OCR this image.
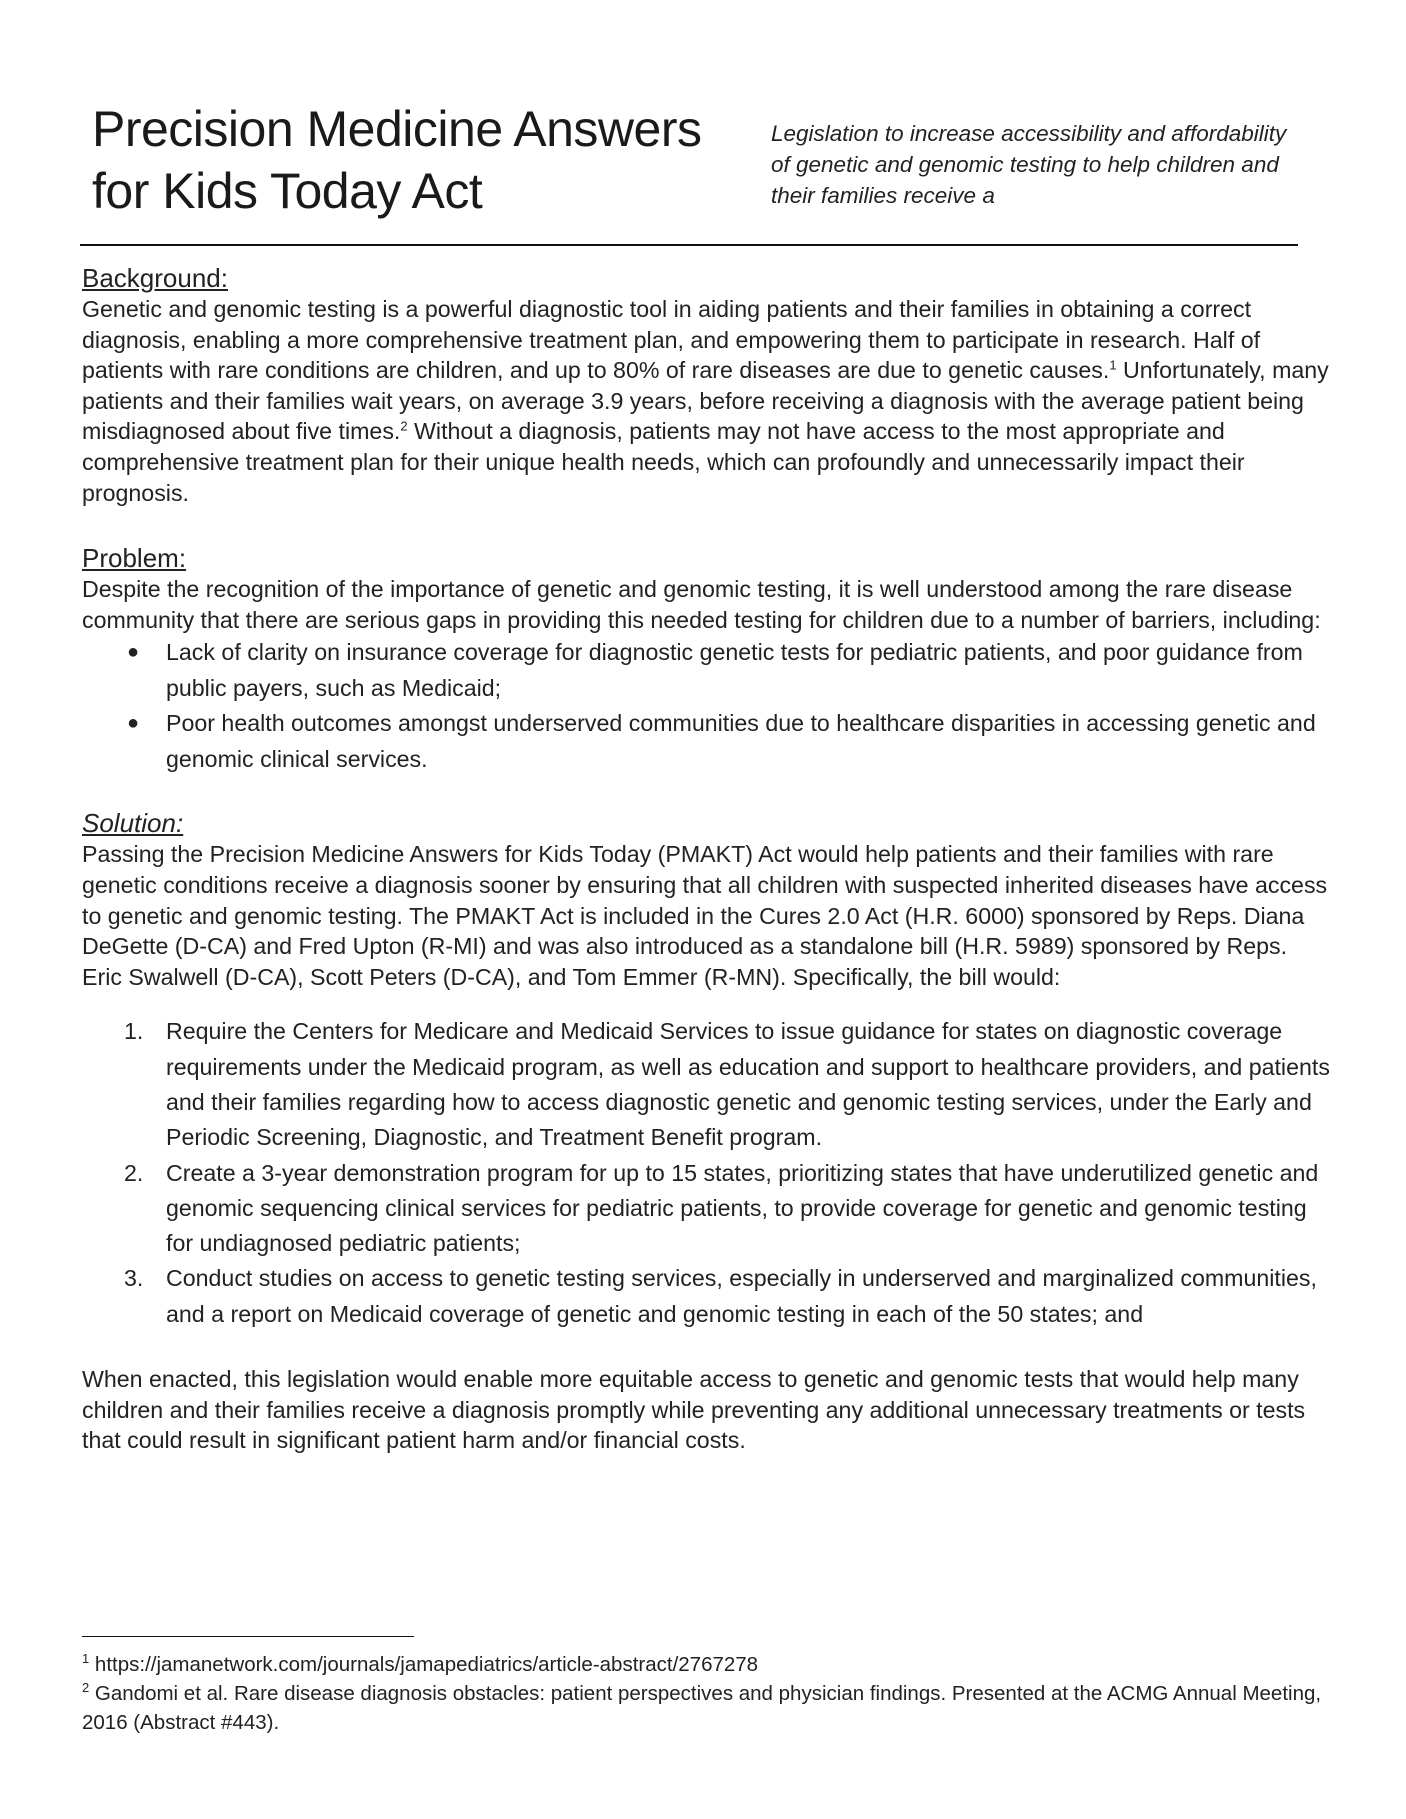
Precision Medicine Answers
for Kids Today Act

Legislation to increase accessibility and affordability of genetic and genomic testing to help children and their families receive a

Background:

Genetic and genomic testing is a powerful diagnostic tool in aiding patients and their families in obtaining a correct diagnosis, enabling a more comprehensive treatment plan, and empowering them to participate in research. Half of patients with rare conditions are children, and up to 80% of rare diseases are due to genetic causes.$^1$ Unfortunately, many patients and their families wait years, on average 3.9 years, before receiving a diagnosis with the average patient being misdiagnosed about five times.$^2$ Without a diagnosis, patients may not have access to the most appropriate and comprehensive treatment plan for their unique health needs, which can profoundly and unnecessarily impact their prognosis.

Problem:

Despite the recognition of the importance of genetic and genomic testing, it is well understood among the rare disease community that there are serious gaps in providing this needed testing for children due to a number of barriers, including:

● Lack of clarity on insurance coverage for diagnostic genetic tests for pediatric patients, and poor guidance from public payers, such as Medicaid;
● Poor health outcomes amongst underserved communities due to healthcare disparities in accessing genetic and genomic clinical services.
Solution:

Passing the Precision Medicine Answers for Kids Today (PMAKT) Act would help patients and their families with rare genetic conditions receive a diagnosis sooner by ensuring that all children with suspected inherited diseases have access to genetic and genomic testing. The PMAKT Act is included in the Cures 2.0 Act (H.R. 6000) sponsored by Reps. Diana DeGette (D-CA) and Fred Upton (R-MI) and was also introduced as a standalone bill (H.R. 5989) sponsored by Reps. Eric Swalwell (D-CA), Scott Peters (D-CA), and Tom Emmer (R-MN). Specifically, the bill would:

1. Require the Centers for Medicare and Medicaid Services to issue guidance for states on diagnostic coverage requirements under the Medicaid program, as well as education and support to healthcare providers, and patients and their families regarding how to access diagnostic genetic and genomic testing services, under the Early and Periodic Screening, Diagnostic, and Treatment Benefit program.
2. Create a 3-year demonstration program for up to 15 states, prioritizing states that have underutilized genetic and genomic sequencing clinical services for pediatric patients, to provide coverage for genetic and genomic testing for undiagnosed pediatric patients;
3. Conduct studies on access to genetic testing services, especially in underserved and marginalized communities, and a report on Medicaid coverage of genetic and genomic testing in each of the 50 states; and

When enacted, this legislation would enable more equitable access to genetic and genomic tests that would help many children and their families receive a diagnosis promptly while preventing any additional unnecessary treatments or tests that could result in significant patient harm and/or financial costs.

$^1$ https://jamanetwork.com/journals/jamapediatrics/article-abstract/2767278
$^2$ Gandomi et al. Rare disease diagnosis obstacles: patient perspectives and physician findings. Presented at the ACMG Annual Meeting, 2016 (Abstract #443).
